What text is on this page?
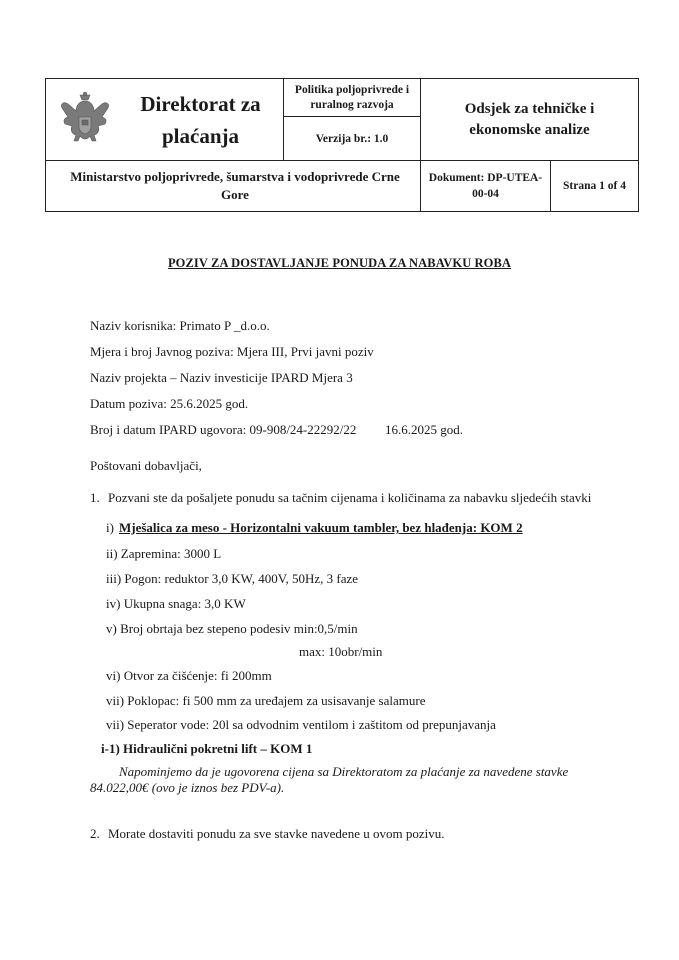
Direktorat za
plaćanja
Politika poljoprivrede i
ruralnog razvoja
Verzija br.: 1.0
Odsjek za tehničke i
ekonomske analize
Ministarstvo poljoprivrede, šumarstva i vodoprivrede Crne
Gore
Dokument: DP-UTEA-
00-04
Strana 1 of 4
POZIV ZA DOSTAVLJANJE PONUDA ZA NABAVKU ROBA
Naziv korisnika: Primato P _d.o.o.
Mjera i broj Javnog poziva: Mjera III, Prvi javni poziv
Naziv projekta – Naziv investicije IPARD Mjera 3
Datum poziva: 25.6.2025 god.
Broj i datum IPARD ugovora: 09-908/24-22292/22 16.6.2025 god.
Poštovani dobavljači,
1. Pozvani ste da pošaljete ponudu sa tačnim cijenama i količinama za nabavku sljedećih stavki
i) Mješalica za meso - Horizontalni vakuum tambler, bez hlađenja: KOM 2
ii) Zapremina: 3000 L
iii) Pogon: reduktor 3,0 KW, 400V, 50Hz, 3 faze
iv) Ukupna snaga: 3,0 KW
v) Broj obrtaja bez stepeno podesiv min:0,5/min
max: 10obr/min
vi) Otvor za čišćenje: fi 200mm
vii) Poklopac: fi 500 mm za uređajem za usisavanje salamure
vii) Seperator vode: 20l sa odvodnim ventilom i zaštitom od prepunjavanja
i-1) Hidraulični pokretni lift – KOM 1
Napominjemo da je ugovorena cijena sa Direktoratom za plaćanje za navedene stavke
84.022,00€ (ovo je iznos bez PDV-a).
2. Morate dostaviti ponudu za sve stavke navedene u ovom pozivu.
